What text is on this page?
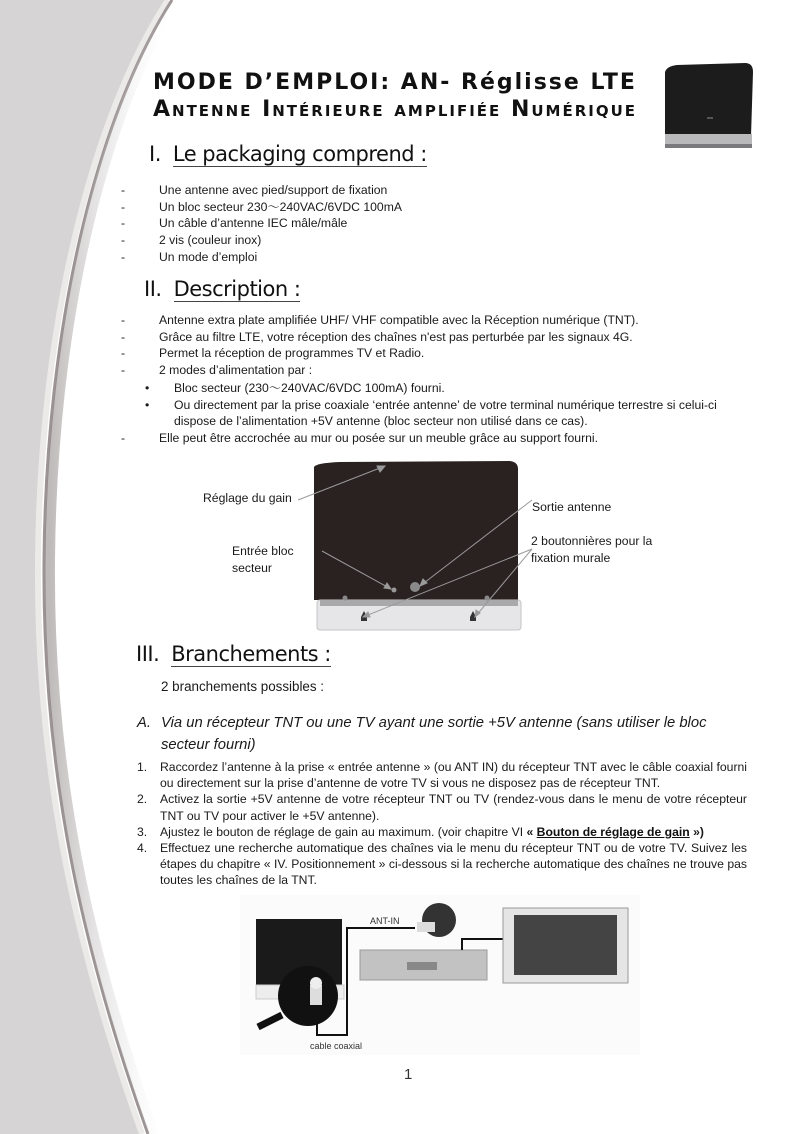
MODE D’EMPLOI: AN- Réglisse LTE
Antenne Intérieure amplifiée Numérique
I. Le packaging comprend :
-	Une antenne avec pied/support de fixation
-	Un bloc secteur 230～240VAC/6VDC 100mA
-	Un câble d’antenne IEC mâle/mâle
-	2 vis (couleur inox)
-	Un mode d’emploi
II. Description :
-	Antenne extra plate amplifiée UHF/ VHF compatible avec la Réception numérique (TNT).
-	Grâce au filtre LTE, votre réception des chaînes n'est pas perturbée par les signaux 4G.
-	Permet la réception de programmes TV et Radio.
-	2 modes d’alimentation par :
• Bloc secteur (230～240VAC/6VDC 100mA) fourni.
• Ou directement par la prise coaxiale ‘entrée antenne’ de votre terminal numérique terrestre si celui-ci dispose de l’alimentation +5V antenne (bloc secteur non utilisé dans ce cas).
-	Elle peut être accrochée au mur ou posée sur un meuble grâce au support fourni.
Réglage du gain
Sortie antenne
Entrée bloc secteur
2 boutonnières pour la fixation murale
III. Branchements :
2 branchements possibles :
A. Via un récepteur TNT ou une TV ayant une sortie +5V antenne (sans utiliser le bloc secteur fourni)
1. Raccordez l’antenne à la prise « entrée antenne » (ou ANT IN) du récepteur TNT avec le câble coaxial fourni ou directement sur la prise d’antenne de votre TV si vous ne disposez pas de récepteur TNT.
2. Activez la sortie +5V antenne de votre récepteur TNT ou TV (rendez-vous dans le menu de votre récepteur TNT ou TV pour activer le +5V antenne).
3. Ajustez le bouton de réglage de gain au maximum. (voir chapitre VI « Bouton de réglage de gain »)
4. Effectuez une recherche automatique des chaînes via le menu du récepteur TNT ou de votre TV. Suivez les étapes du chapitre « IV. Positionnement » ci-dessous si la recherche automatique des chaînes ne trouve pas toutes les chaînes de la TNT.
ANT-IN
cable coaxial
1
